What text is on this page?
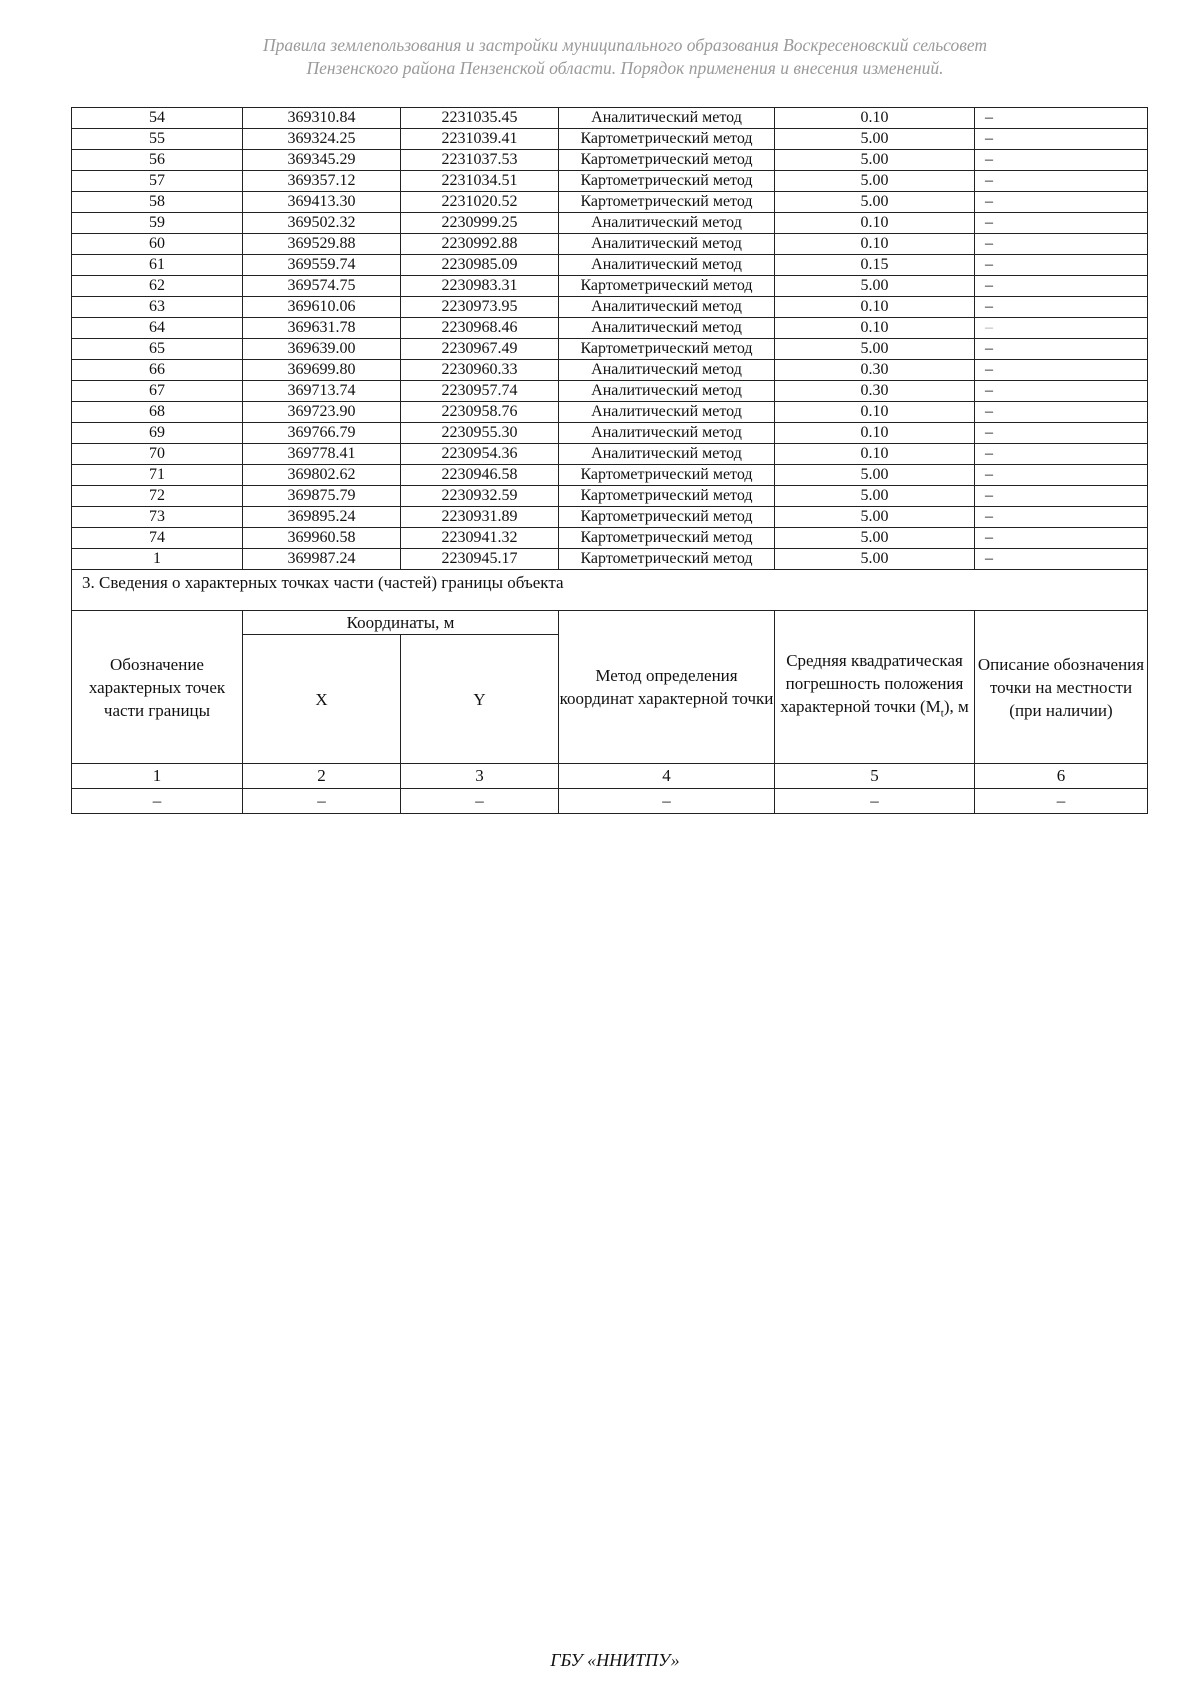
Правила землепользования и застройки муниципального образования Воскресеновский сельсовет
Пензенского района Пензенской области. Порядок применения и внесения изменений.
54	369310.84	2231035.45	Аналитический метод	0.10	–
55	369324.25	2231039.41	Картометрический метод	5.00	–
56	369345.29	2231037.53	Картометрический метод	5.00	–
57	369357.12	2231034.51	Картометрический метод	5.00	–
58	369413.30	2231020.52	Картометрический метод	5.00	–
59	369502.32	2230999.25	Аналитический метод	0.10	–
60	369529.88	2230992.88	Аналитический метод	0.10	–
61	369559.74	2230985.09	Аналитический метод	0.15	–
62	369574.75	2230983.31	Картометрический метод	5.00	–
63	369610.06	2230973.95	Аналитический метод	0.10	–
64	369631.78	2230968.46	Аналитический метод	0.10	–
65	369639.00	2230967.49	Картометрический метод	5.00	–
66	369699.80	2230960.33	Аналитический метод	0.30	–
67	369713.74	2230957.74	Аналитический метод	0.30	–
68	369723.90	2230958.76	Аналитический метод	0.10	–
69	369766.79	2230955.30	Аналитический метод	0.10	–
70	369778.41	2230954.36	Аналитический метод	0.10	–
71	369802.62	2230946.58	Картометрический метод	5.00	–
72	369875.79	2230932.59	Картометрический метод	5.00	–
73	369895.24	2230931.89	Картометрический метод	5.00	–
74	369960.58	2230941.32	Картометрический метод	5.00	–
1	369987.24	2230945.17	Картометрический метод	5.00	–
3. Сведения о характерных точках части (частей) границы объекта					
Обозначение характерных точек части границы	Координаты, м		Метод определения координат характерной точки	Средняя квадратическая погрешность положения характерной точки $(M_t)$, м	Описание обозначения точки на местности (при наличии)
	X	Y			
1	2	3	4	5	6
–	–	–	–	–	–
ГБУ «ННИТПУ»
